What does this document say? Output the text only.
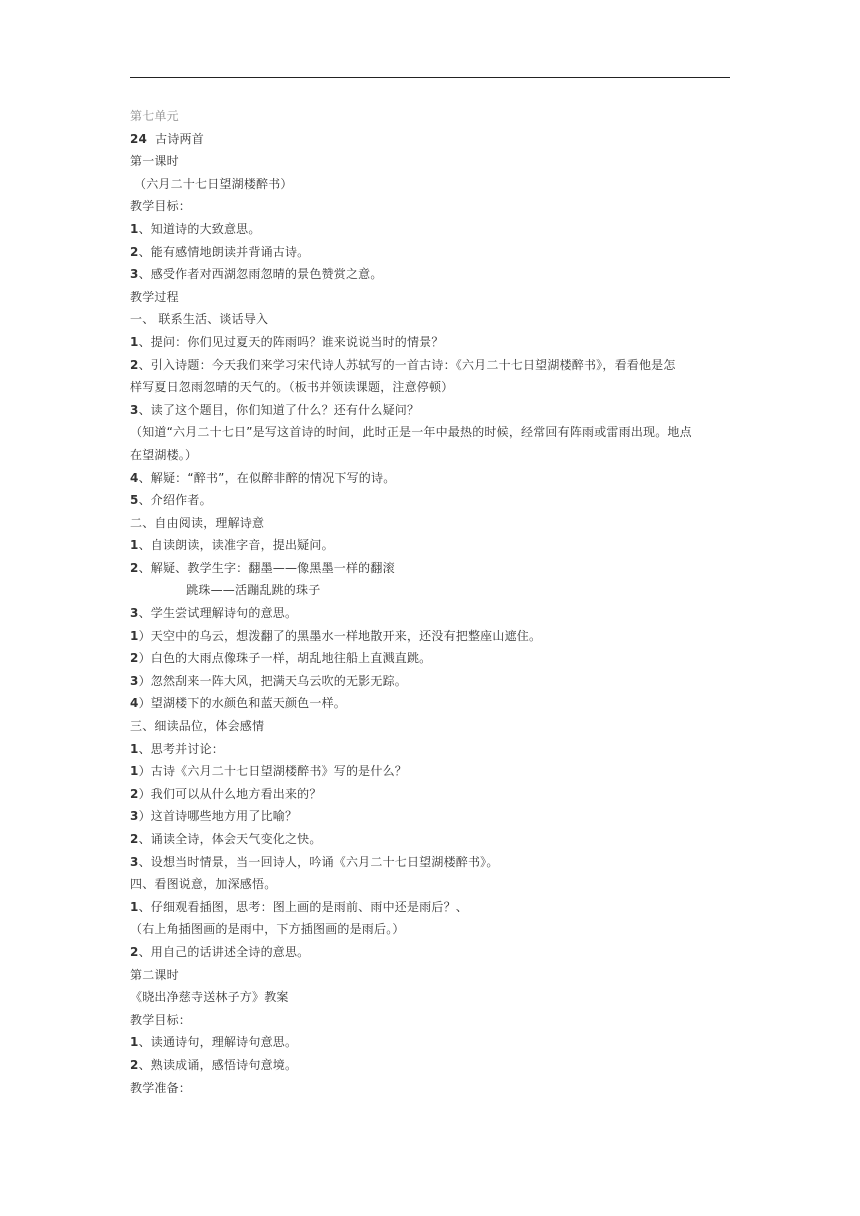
第七单元
24  古诗两首
第一课时
（六月二十七日望湖楼醉书）
教学目标：
1、知道诗的大致意思。
2、能有感情地朗读并背诵古诗。
3、感受作者对西湖忽雨忽晴的景色赞赏之意。
教学过程
一、 联系生活、谈话导入
1、提问：你们见过夏天的阵雨吗？谁来说说当时的情景？
2、引入诗题：今天我们来学习宋代诗人苏轼写的一首古诗：《六月二十七日望湖楼醉书》，看看他是怎
样写夏日忽雨忽晴的天气的。（板书并领读课题，注意停顿）
3、读了这个题目，你们知道了什么？还有什么疑问？
（知道“六月二十七日”是写这首诗的时间，此时正是一年中最热的时候，经常回有阵雨或雷雨出现。地点
在望湖楼。）
4、解疑：“醉书”，在似醉非醉的情况下写的诗。
5、介绍作者。
二、自由阅读，理解诗意
1、自读朗读，读准字音，提出疑问。
2、解疑、教学生字：翻墨——像黑墨一样的翻滚
跳珠——活蹦乱跳的珠子
3、学生尝试理解诗句的意思。
1）天空中的乌云，想泼翻了的黑墨水一样地散开来，还没有把整座山遮住。
2）白色的大雨点像珠子一样，胡乱地往船上直溅直跳。
3）忽然刮来一阵大风，把满天乌云吹的无影无踪。
4）望湖楼下的水颜色和蓝天颜色一样。
三、细读品位，体会感情
1、思考并讨论：
1）古诗《六月二十七日望湖楼醉书》写的是什么？
2）我们可以从什么地方看出来的？
3）这首诗哪些地方用了比喻？
2、诵读全诗，体会天气变化之快。
3、设想当时情景，当一回诗人，吟诵《六月二十七日望湖楼醉书》。
四、看图说意，加深感悟。
1、仔细观看插图，思考：图上画的是雨前、雨中还是雨后？、
（右上角插图画的是雨中，下方插图画的是雨后。）
2、用自己的话讲述全诗的意思。
第二课时
《晓出净慈寺送林子方》教案
教学目标：
1、读通诗句，理解诗句意思。
2、熟读成诵，感悟诗句意境。
教学准备：
